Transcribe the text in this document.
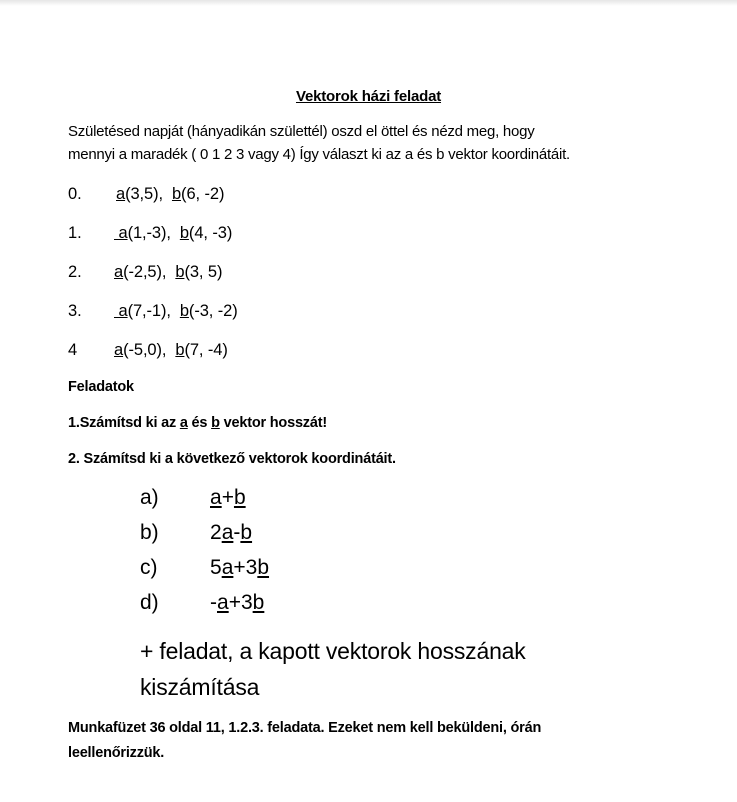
Vektorok házi feladat
Születésed napját (hányadikán születtél) oszd el öttel és nézd meg, hogy
mennyi a maradék ( 0 1 2 3 vagy 4) Így választ ki az a és b vektor koordinátáit.
0. a(3,5), b(6, -2)
1. a(1,-3), b(4, -3)
2. a(-2,5), b(3, 5)
3. a(7,-1), b(-3, -2)
4 a(-5,0), b(7, -4)
Feladatok
1.Számítsd ki az a és b vektor hosszát!
2. Számítsd ki a következő vektorok koordinátáit.
a) a+b
b) 2a-b
c)	5a+3b
d) -a+3b
+ feladat, a kapott vektorok hosszának
kiszámítása
Munkafüzet 36 oldal 11, 1.2.3. feladata. Ezeket nem kell beküldeni, órán
leellenőrizzük.
